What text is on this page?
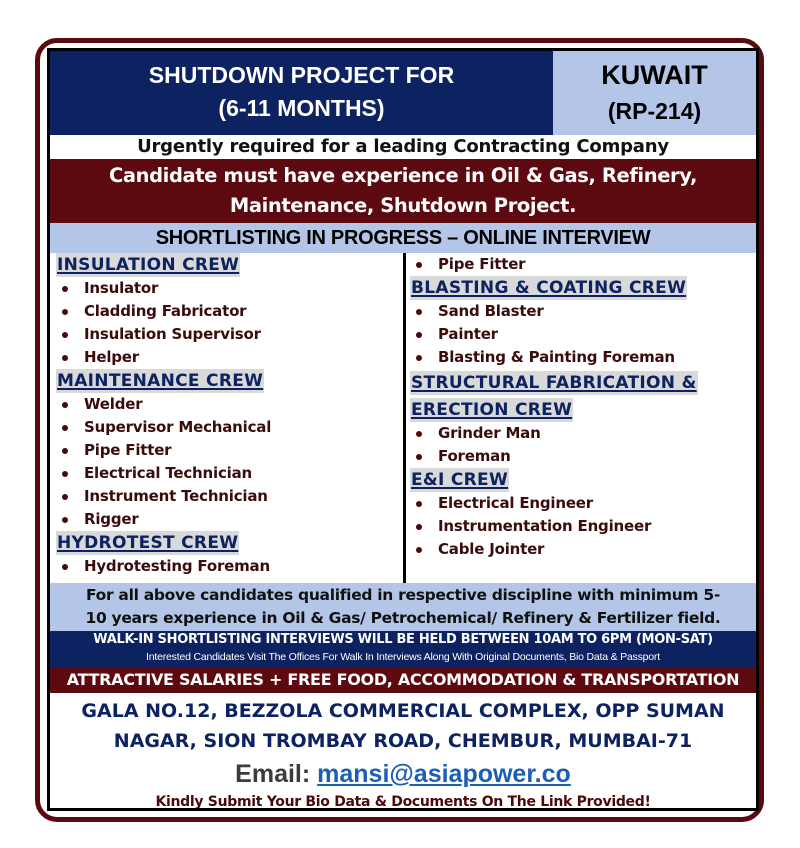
SHUTDOWN PROJECT FOR
(6-11 MONTHS)
KUWAIT
(RP-214)
Urgently required for a leading Contracting Company
Candidate must have experience in Oil & Gas, Refinery,
Maintenance, Shutdown Project.
SHORTLISTING IN PROGRESS – ONLINE INTERVIEW
INSULATION CREW
Insulator
Cladding Fabricator
Insulation Supervisor
Helper
MAINTENANCE CREW
Welder
Supervisor Mechanical
Pipe Fitter
Electrical Technician
Instrument Technician
Rigger
HYDROTEST CREW
Hydrotesting Foreman
Pipe Fitter
BLASTING & COATING CREW
Sand Blaster
Painter
Blasting & Painting Foreman
STRUCTURAL FABRICATION &
ERECTION CREW
Grinder Man
Foreman
E&I CREW
Electrical Engineer
Instrumentation Engineer
Cable Jointer
For all above candidates qualified in respective discipline with minimum 5-
10 years experience in Oil & Gas/ Petrochemical/ Refinery & Fertilizer field.
WALK-IN SHORTLISTING INTERVIEWS WILL BE HELD BETWEEN 10AM TO 6PM (MON-SAT)
Interested Candidates Visit The Offices For Walk In Interviews Along With Original Documents, Bio Data & Passport
ATTRACTIVE SALARIES + FREE FOOD, ACCOMMODATION & TRANSPORTATION
GALA NO.12, BEZZOLA COMMERCIAL COMPLEX, OPP SUMAN
NAGAR, SION TROMBAY ROAD, CHEMBUR, MUMBAI-71
Email: mansi@asiapower.co
Kindly Submit Your Bio Data & Documents On The Link Provided!
